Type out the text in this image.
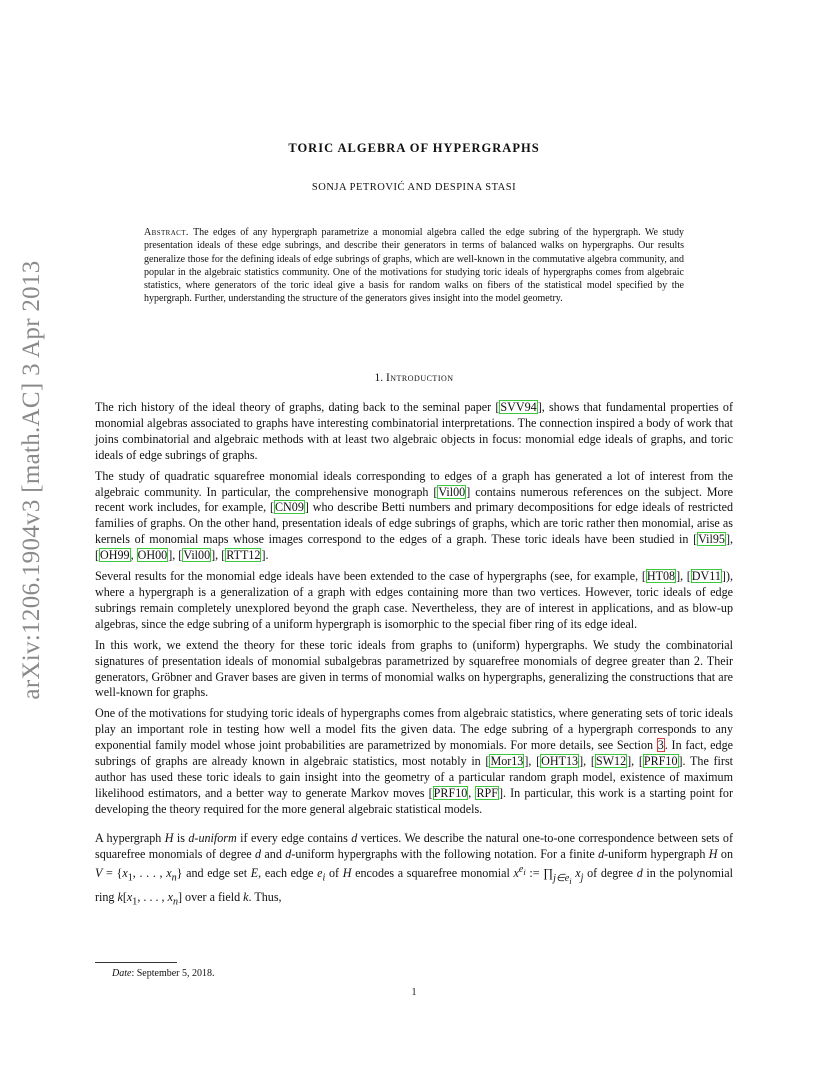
arXiv:1206.1904v3 [math.AC] 3 Apr 2013
TORIC ALGEBRA OF HYPERGRAPHS
SONJA PETROVIĆ AND DESPINA STASI
Abstract. The edges of any hypergraph parametrize a monomial algebra called the edge subring of the hypergraph. We study presentation ideals of these edge subrings, and describe their generators in terms of balanced walks on hypergraphs. Our results generalize those for the defining ideals of edge subrings of graphs, which are well-known in the commutative algebra community, and popular in the algebraic statistics community. One of the motivations for studying toric ideals of hypergraphs comes from algebraic statistics, where generators of the toric ideal give a basis for random walks on fibers of the statistical model specified by the hypergraph. Further, understanding the structure of the generators gives insight into the model geometry.
1. Introduction

The rich history of the ideal theory of graphs, dating back to the seminal paper [SVV94], shows that fundamental properties of monomial algebras associated to graphs have interesting combinatorial interpretations. The connection inspired a body of work that joins combinatorial and algebraic methods with at least two algebraic objects in focus: monomial edge ideals of graphs, and toric ideals of edge subrings of graphs.

The study of quadratic squarefree monomial ideals corresponding to edges of a graph has generated a lot of interest from the algebraic community. In particular, the comprehensive monograph [Vil00] contains numerous references on the subject. More recent work includes, for example, [CN09] who describe Betti numbers and primary decompositions for edge ideals of restricted families of graphs. On the other hand, presentation ideals of edge subrings of graphs, which are toric rather then monomial, arise as kernels of monomial maps whose images correspond to the edges of a graph. These toric ideals have been studied in [Vil95], [OH99, OH00], [Vil00], [RTT12].

Several results for the monomial edge ideals have been extended to the case of hypergraphs (see, for example, [HT08], [DV11]), where a hypergraph is a generalization of a graph with edges containing more than two vertices. However, toric ideals of edge subrings remain completely unexplored beyond the graph case. Nevertheless, they are of interest in applications, and as blow-up algebras, since the edge subring of a uniform hypergraph is isomorphic to the special fiber ring of its edge ideal.

In this work, we extend the theory for these toric ideals from graphs to (uniform) hypergraphs. We study the combinatorial signatures of presentation ideals of monomial subalgebras parametrized by squarefree monomials of degree greater than 2. Their generators, Gröbner and Graver bases are given in terms of monomial walks on hypergraphs, generalizing the constructions that are well-known for graphs.

One of the motivations for studying toric ideals of hypergraphs comes from algebraic statistics, where generating sets of toric ideals play an important role in testing how well a model fits the given data. The edge subring of a hypergraph corresponds to any exponential family model whose joint probabilities are parametrized by monomials. For more details, see Section 3. In fact, edge subrings of graphs are already known in algebraic statistics, most notably in [Mor13], [OHT13], [SW12], [PRF10]. The first author has used these toric ideals to gain insight into the geometry of a particular random graph model, existence of maximum likelihood estimators, and a better way to generate Markov moves [PRF10, RPF]. In particular, this work is a starting point for developing the theory required for the more general algebraic statistical models.

A hypergraph H is d-uniform if every edge contains d vertices. We describe the natural one-to-one correspondence between sets of squarefree monomials of degree d and d-uniform hypergraphs with the following notation. For a finite d-uniform hypergraph H on $V = \{x_1$, . . . , $x_n$} and edge set E, each edge $e_i$ of H encodes a squarefree monomial $x^{e_i}$ := $\prod_{j\in e_i}$ $x_j$ of degree d in the polynomial ring $k[x_1$, . . . , $x_n$] over a field k. Thus,

Date: September 5, 2018.
1
